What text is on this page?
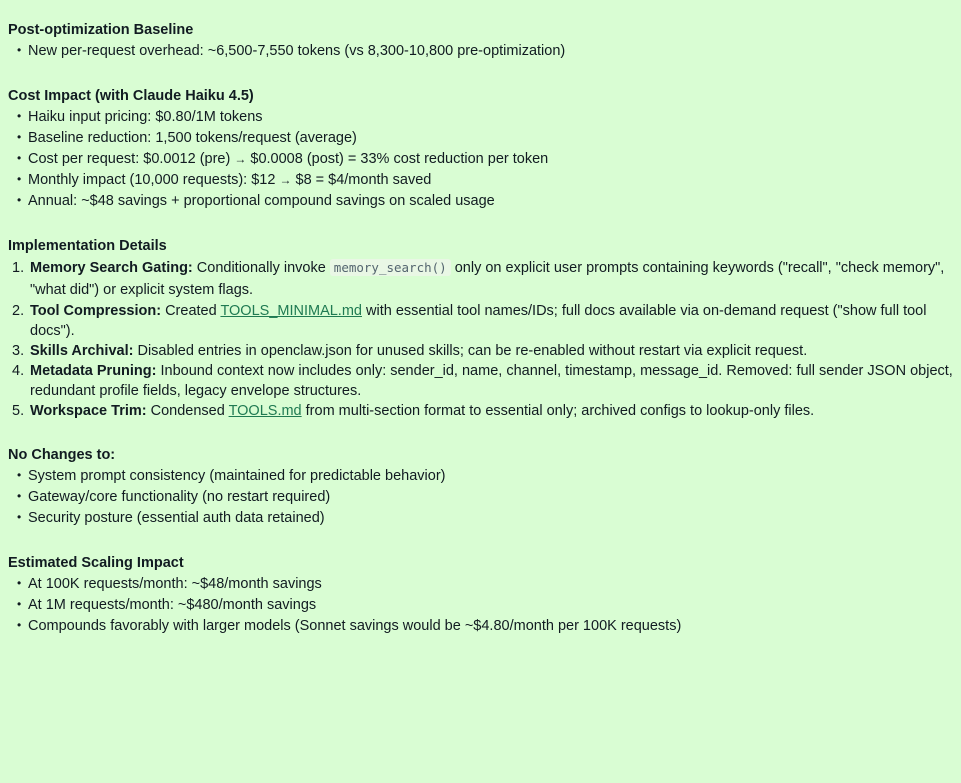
Post-optimization Baseline
• New per-request overhead: ~6,500-7,550 tokens (vs 8,300-10,800 pre-optimization)
Cost Impact (with Claude Haiku 4.5)
• Haiku input pricing: $0.80/1M tokens
• Baseline reduction: 1,500 tokens/request (average)
• Cost per request: $0.0012 (pre) → $0.0008 (post) = 33% cost reduction per token
• Monthly impact (10,000 requests): $12 → $8 = $4/month saved
• Annual: ~$48 savings + proportional compound savings on scaled usage
Implementation Details
1. Memory Search Gating: Conditionally invoke memory_search() only on explicit user prompts containing keywords ("recall", "check memory", "what did") or explicit system flags.
2. Tool Compression: Created TOOLS_MINIMAL.md with essential tool names/IDs; full docs available via on-demand request ("show full tool docs").
3. Skills Archival: Disabled entries in openclaw.json for unused skills; can be re-enabled without restart via explicit request.
4. Metadata Pruning: Inbound context now includes only: sender_id, name, channel, timestamp, message_id. Removed: full sender JSON object, redundant profile fields, legacy envelope structures.
5. Workspace Trim: Condensed TOOLS.md from multi-section format to essential only; archived configs to lookup-only files.
No Changes to:
• System prompt consistency (maintained for predictable behavior)
• Gateway/core functionality (no restart required)
• Security posture (essential auth data retained)
Estimated Scaling Impact
• At 100K requests/month: ~$48/month savings
• At 1M requests/month: ~$480/month savings
• Compounds favorably with larger models (Sonnet savings would be ~$4.80/month per 100K requests)
